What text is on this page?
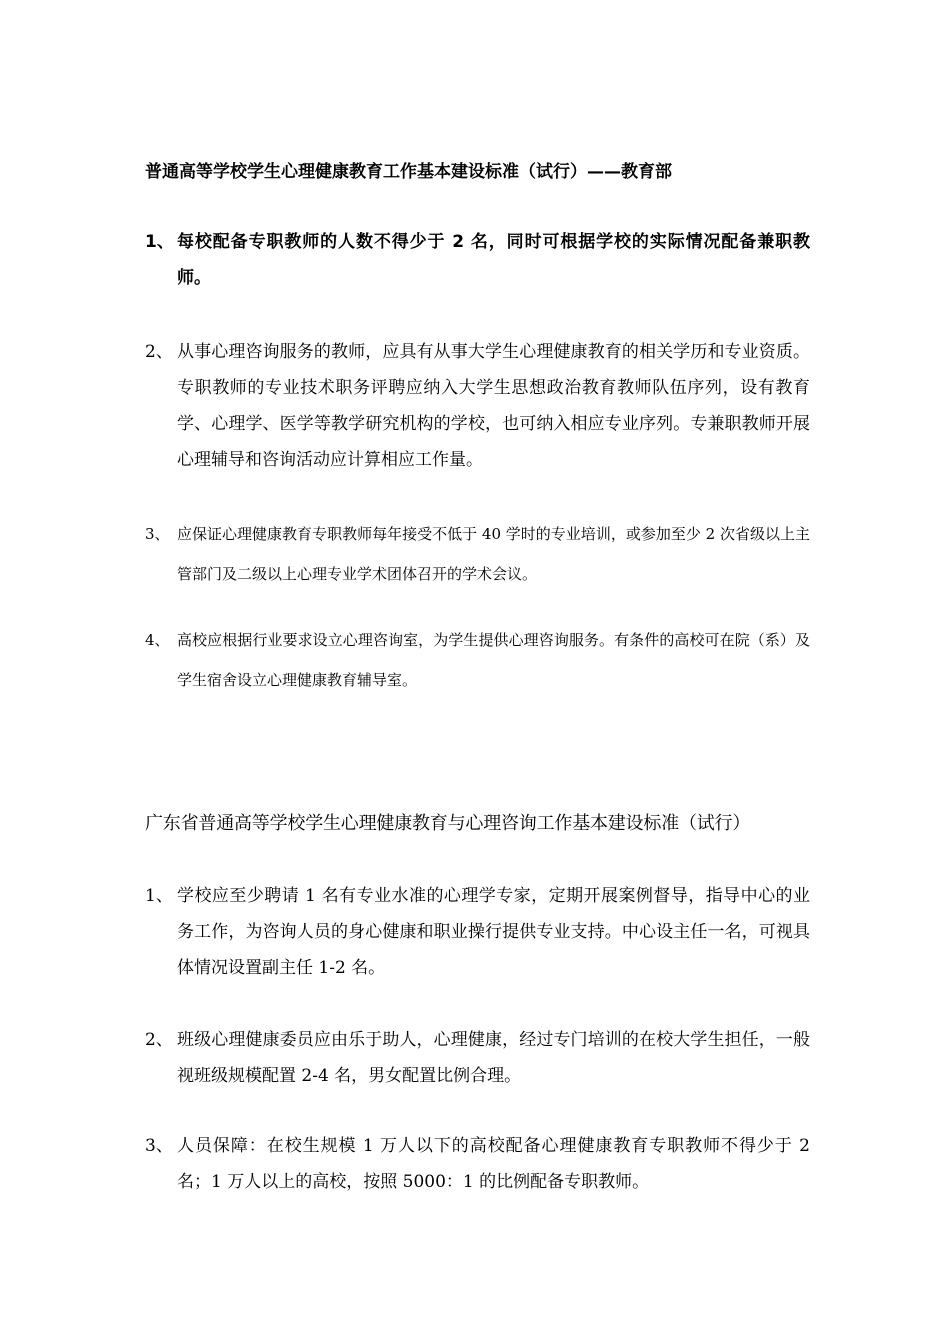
普通高等学校学生心理健康教育工作基本建设标准（试行）——教育部
1、 每校配备专职教师的人数不得少于 2 名，同时可根据学校的实际情况配备兼职教师。
2、 从事心理咨询服务的教师，应具有从事大学生心理健康教育的相关学历和专业资质。专职教师的专业技术职务评聘应纳入大学生思想政治教育教师队伍序列，设有教育学、心理学、医学等教学研究机构的学校，也可纳入相应专业序列。专兼职教师开展心理辅导和咨询活动应计算相应工作量。
3、 应保证心理健康教育专职教师每年接受不低于 40 学时的专业培训，或参加至少 2 次省级以上主管部门及二级以上心理专业学术团体召开的学术会议。
4、 高校应根据行业要求设立心理咨询室，为学生提供心理咨询服务。有条件的高校可在院（系）及学生宿舍设立心理健康教育辅导室。
广东省普通高等学校学生心理健康教育与心理咨询工作基本建设标准（试行）
1、 学校应至少聘请 1 名有专业水准的心理学专家，定期开展案例督导，指导中心的业务工作，为咨询人员的身心健康和职业操行提供专业支持。中心设主任一名，可视具体情况设置副主任 1-2 名。
2、 班级心理健康委员应由乐于助人，心理健康，经过专门培训的在校大学生担任，一般视班级规模配置 2-4 名，男女配置比例合理。
3、 人员保障：在校生规模 1 万人以下的高校配备心理健康教育专职教师不得少于 2 名；1 万人以上的高校，按照 5000：1 的比例配备专职教师。
